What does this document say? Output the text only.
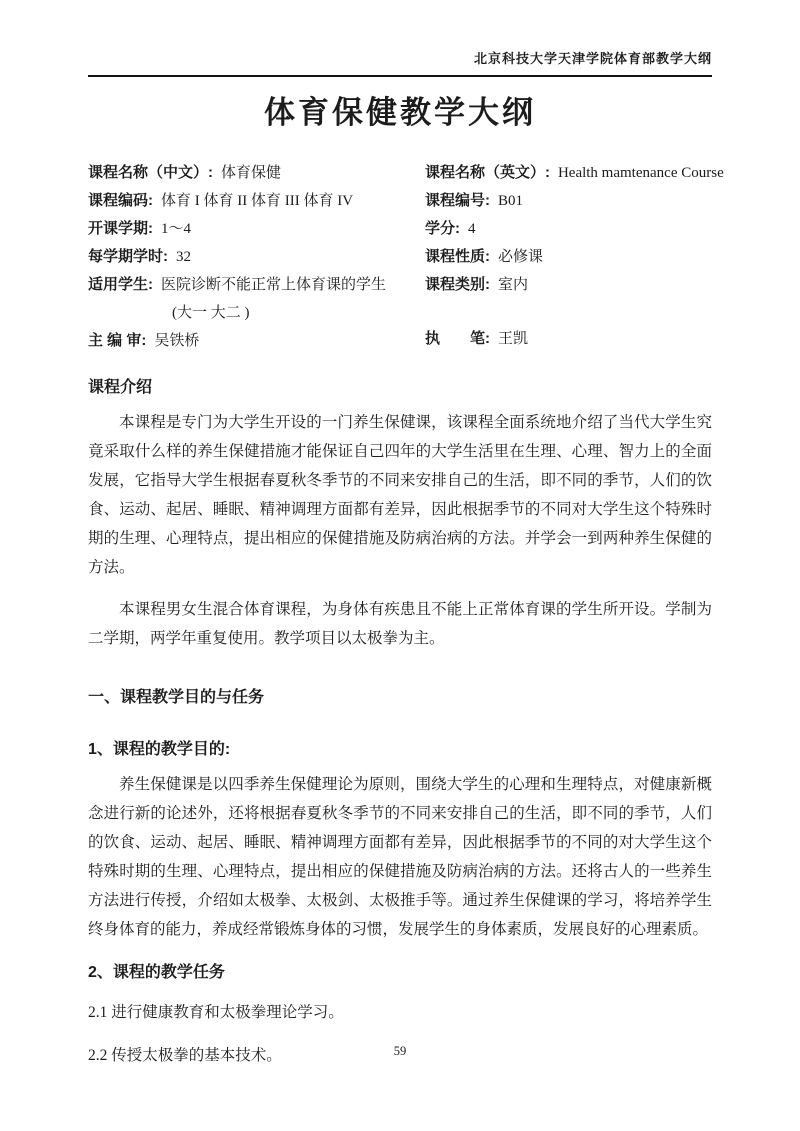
北京科技大学天津学院体育部教学大纲
体育保健教学大纲
课程名称（中文）: 体育保健
课程编码: 体育 I 体育 II 体育 III 体育 IV
开课学期: 1～4
每学期学时: 32
适用学生: 医院诊断不能正常上体育课的学生
(大一 大二 )
主 编 审: 吴铁桥
课程名称（英文）: Health mamtenance Course
课程编号: B01
学分: 4
课程性质: 必修课
课程类别: 室内
执　　笔: 王凯
课程介绍

本课程是专门为大学生开设的一门养生保健课，该课程全面系统地介绍了当代大学生究竟采取什么样的养生保健措施才能保证自己四年的大学生活里在生理、心理、智力上的全面发展，它指导大学生根据春夏秋冬季节的不同来安排自己的生活，即不同的季节，人们的饮食、运动、起居、睡眠、精神调理方面都有差异，因此根据季节的不同对大学生这个特殊时期的生理、心理特点，提出相应的保健措施及防病治病的方法。并学会一到两种养生保健的方法。

本课程男女生混合体育课程，为身体有疾患且不能上正常体育课的学生所开设。学制为二学期，两学年重复使用。教学项目以太极拳为主。

一、课程教学目的与任务
1、课程的教学目的:

养生保健课是以四季养生保健理论为原则，围绕大学生的心理和生理特点，对健康新概念进行新的论述外，还将根据春夏秋冬季节的不同来安排自己的生活，即不同的季节，人们的饮食、运动、起居、睡眠、精神调理方面都有差异，因此根据季节的不同的对大学生这个特殊时期的生理、心理特点，提出相应的保健措施及防病治病的方法。还将古人的一些养生方法进行传授，介绍如太极拳、太极剑、太极推手等。通过养生保健课的学习，将培养学生终身体育的能力，养成经常锻炼身体的习惯，发展学生的身体素质，发展良好的心理素质。

2、课程的教学任务

2.1 进行健康教育和太极拳理论学习。

2.2 传授太极拳的基本技术。	59
